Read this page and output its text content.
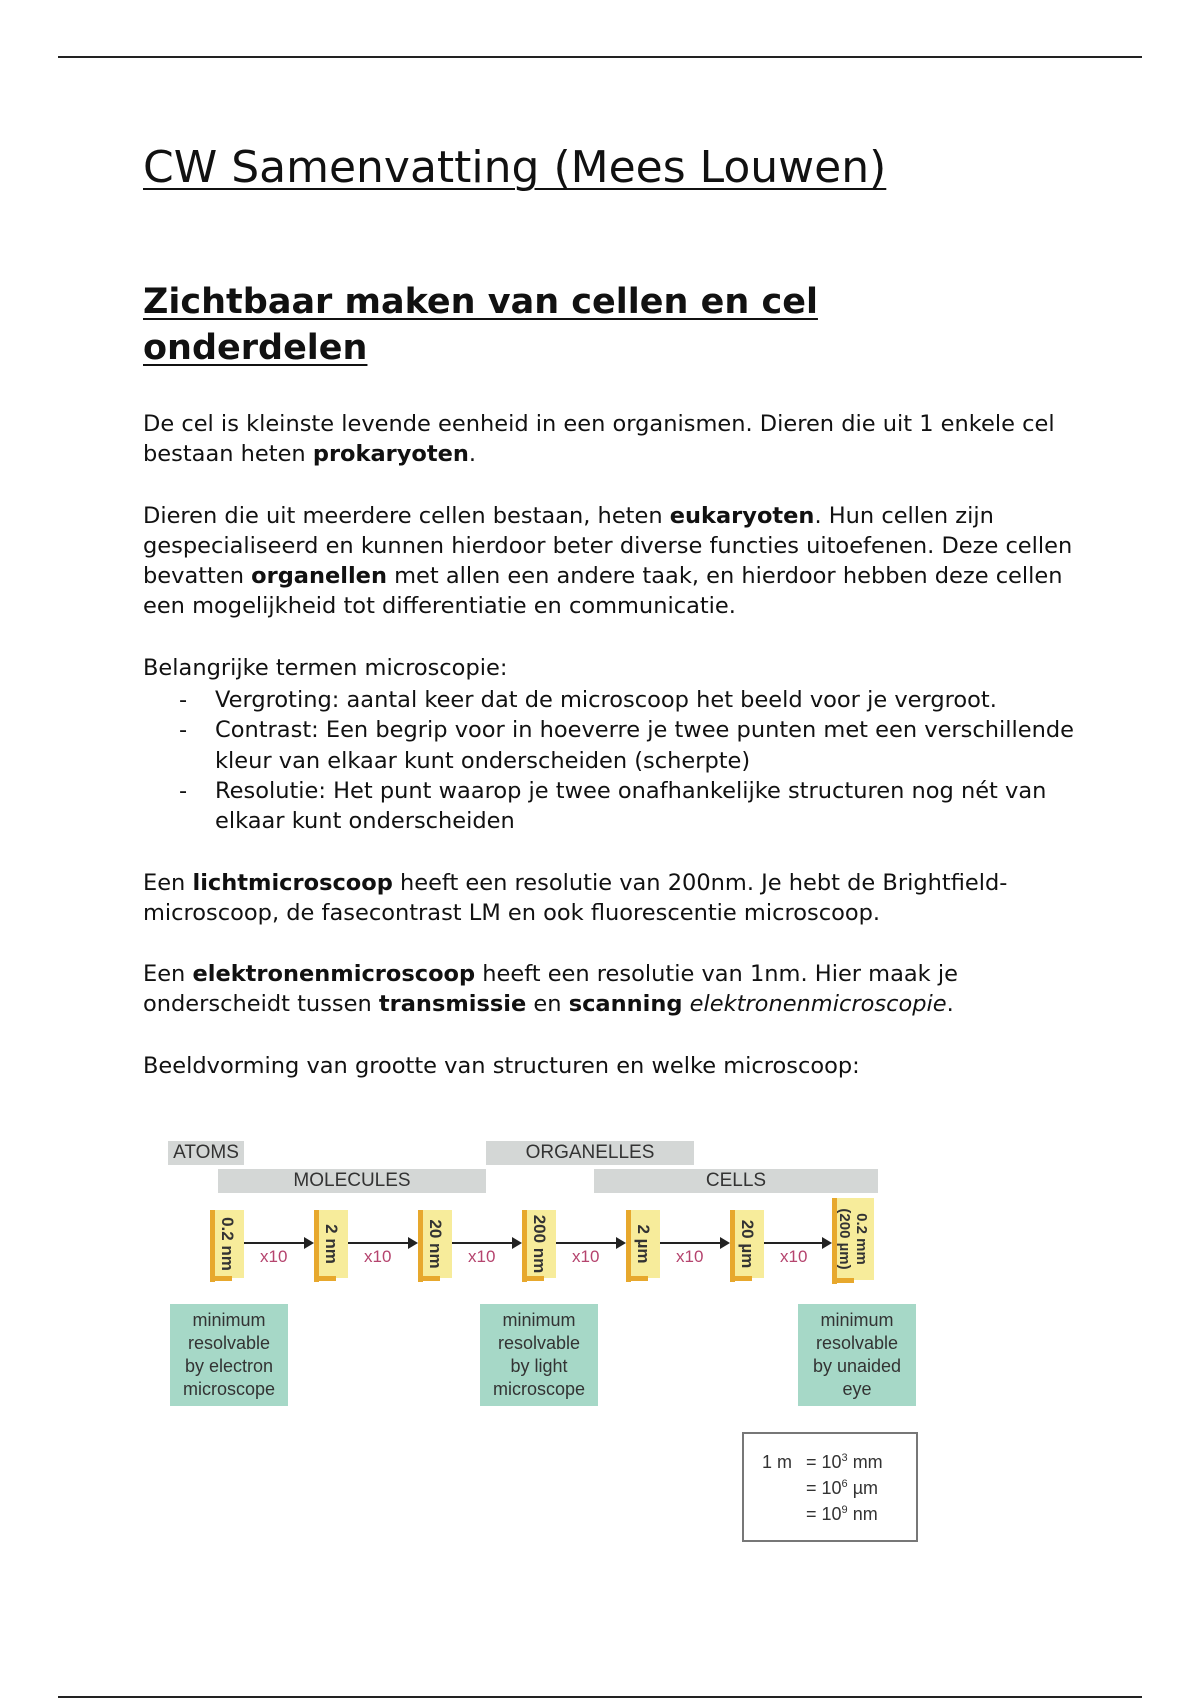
CW Samenvatting (Mees Louwen)
Zichtbaar maken van cellen en cel onderdelen

De cel is kleinste levende eenheid in een organismen. Dieren die uit 1 enkele cel bestaan heten prokaryoten.

Dieren die uit meerdere cellen bestaan, heten eukaryoten. Hun cellen zijn gespecialiseerd en kunnen hierdoor beter diverse functies uitoefenen. Deze cellen bevatten organellen met allen een andere taak, en hierdoor hebben deze cellen een mogelijkheid tot differentiatie en communicatie.

Belangrijke termen microscopie:

- Vergroting: aantal keer dat de microscoop het beeld voor je vergroot.
- Contrast: Een begrip voor in hoeverre je twee punten met een verschillende kleur van elkaar kunt onderscheiden (scherpte)
- Resolutie: Het punt waarop je twee onafhankelijke structuren nog nét van elkaar kunt onderscheiden

Een lichtmicroscoop heeft een resolutie van 200nm. Je hebt de Brightfield-microscoop, de fasecontrast LM en ook fluorescentie microscoop.

Een elektronenmicroscoop heeft een resolutie van 1nm. Hier maak je onderscheidt tussen transmissie en scanning elektronenmicroscopie.

Beeldvorming van grootte van structuren en welke microscoop:

ATOMS	ORGANELLES
MOLECULES	CELLS
0.2 nm	2 nm	20 nm	200 nm	2 µm	20 µm	0.2 mm
(200 µm)
x10	x10	x10	x10	x10	x10
minimum
resolvable
by electron
microscope
minimum
resolvable
by light
microscope
minimum
resolvable
by unaided
eye
1 $m = 10^3$ mm
= $10^6$ µm
= $10^9$ nm
